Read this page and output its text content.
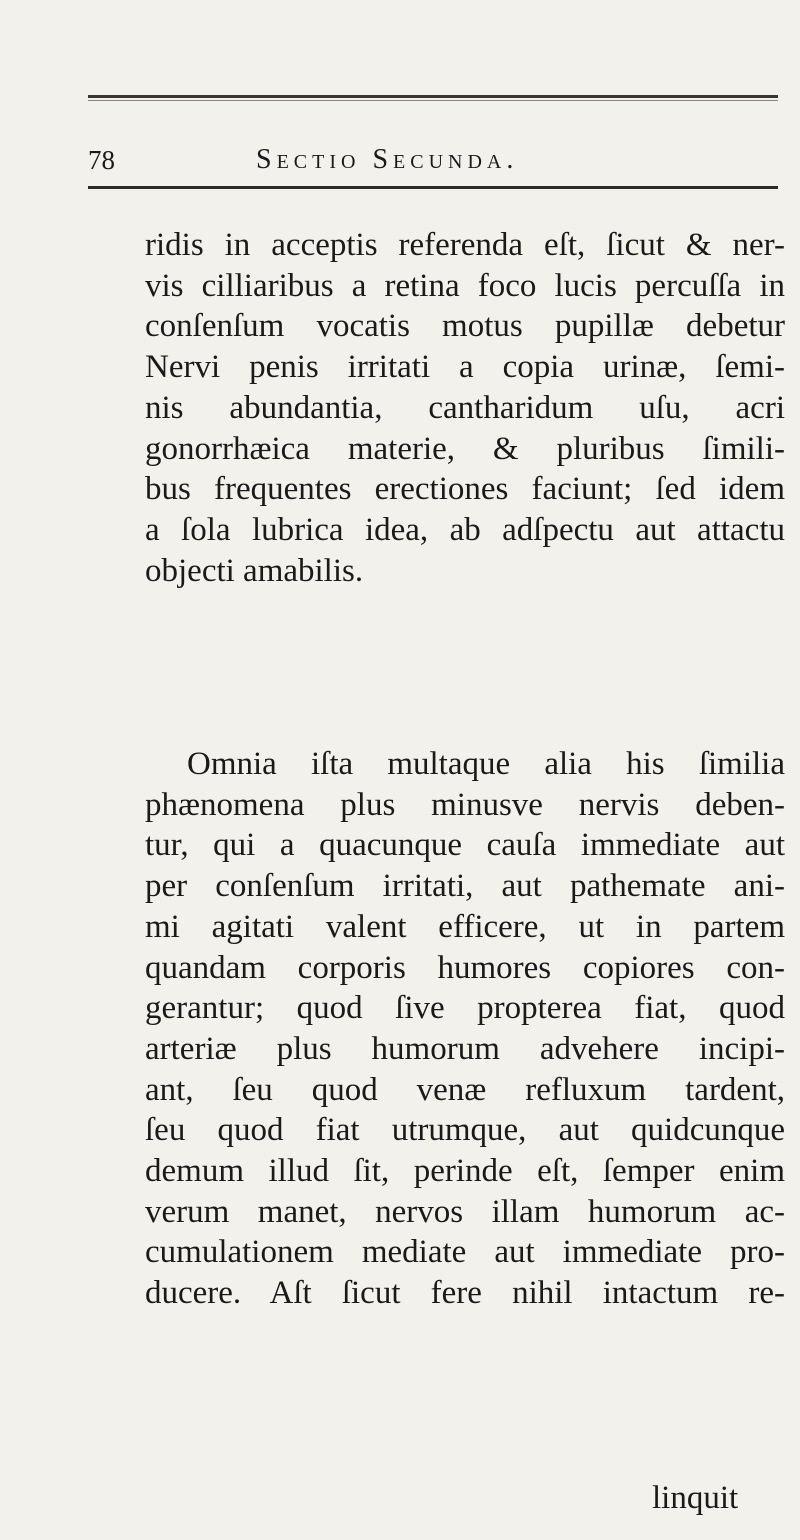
78	Sectio Secunda.
ridis in acceptis referenda eſt, ſicut & ner-
vis cilliaribus a retina foco lucis percuſſa in
conſenſum vocatis motus pupillæ debetur
Nervi penis irritati a copia urinæ, ſemi-
nis abundantia, cantharidum uſu, acri
gonorrhæica materie, & pluribus ſimili-
bus frequentes erectiones faciunt; ſed idem
a ſola lubrica idea, ab adſpectu aut attactu
objecti amabilis.
Omnia iſta multaque alia his ſimilia
phænomena plus minusve nervis deben-
tur, qui a quacunque cauſa immediate aut
per conſenſum irritati, aut pathemate ani-
mi agitati valent efficere, ut in partem
quandam corporis humores copiores con-
gerantur; quod ſive propterea fiat, quod
arteriæ plus humorum advehere incipi-
ant, ſeu quod venæ refluxum tardent,
ſeu quod fiat utrumque, aut quidcunque
demum illud ſit, perinde eſt, ſemper enim
verum manet, nervos illam humorum ac-
cumulationem mediate aut immediate pro-
ducere. Aſt ſicut fere nihil intactum re-
linquit
